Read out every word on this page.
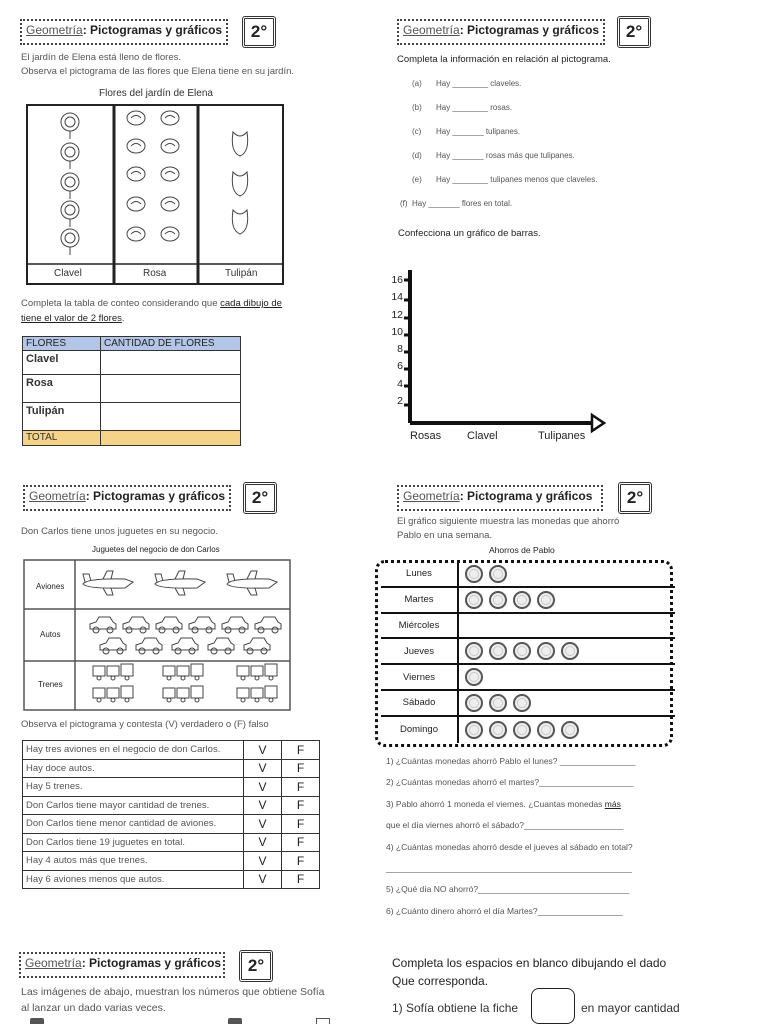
Geometría: Pictogramas y gráficos	2°
El jardín de Elena está lleno de flores.
Observa el pictograma de las flores que Elena tiene en su jardín.
Flores del jardín de Elena
Clavel	Rosa	Tulipán
Completa la tabla de conteo considerando que cada dibujo de
tiene el valor de 2 flores.
FLORES	CANTIDAD DE FLORES
Clavel	
Rosa	
Tulipán	
TOTAL	
Geometría: Pictogramas y gráficos	2°
Completa la información en relación al pictograma.
(a) Hay ________ claveles.
(b) Hay ________ rosas.
(c) Hay _______ tulipanes.
(d) Hay _______ rosas más que tulipanes.
(e) Hay ________ tulipanes menos que claveles.
(f) Hay _______ flores en total.
Confecciona un gráfico de barras.
16
14
12
10
8
6
4
2
Rosas Clavel	Tulipanes
Geometría: Pictogramas y gráficos	2°
Don Carlos tiene unos juguetes en su negocio.
Juguetes del negocio de don Carlos
Aviones
Autos
Trenes
Observa el pictograma y contesta (V) verdadero o (F) falso
Hay tres aviones en el negocio de don Carlos.	V	F
Hay doce autos.	V	F
Hay 5 trenes.	V	F
Don Carlos tiene mayor cantidad de trenes.	V	F
Don Carlos tiene menor cantidad de aviones.	V	F
Don Carlos tiene 19 juguetes en total.	V	F
Hay 4 autos más que trenes.	V	F
Hay 6 aviones menos que autos.	V	F
Geometría: Pictograma y gráficos	2°
El gráfico siguiente muestra las monedas que ahorró
Pablo en una semana.
Ahorros de Pablo
Lunes
Martes
Miércoles
Jueves
Viernes
Sábado
Domingo
1) ¿Cuántas monedas ahorró Pablo el lunes? ________________
2) ¿Cuántas monedas ahorró el martes?____________________
3) Pablo ahorró 1 moneda el viernes. ¿Cuantas monedas más
que el día viernes ahorró el sábado?_____________________
4) ¿Cuántas monedas ahorró desde el jueves al sábado en total?
____________________________________________________
5) ¿Qué día NO ahorró?________________________________
6) ¿Cuánto dinero ahorró el día Martes?__________________
Geometría: Pictogramas y gráficos	2°
Las imágenes de abajo, muestran los números que obtiene Sofía
al lanzar un dado varias veces.
Completa los espacios en blanco dibujando el dado
Que corresponda.
1) Sofía obtiene la fiche	en mayor cantidad
